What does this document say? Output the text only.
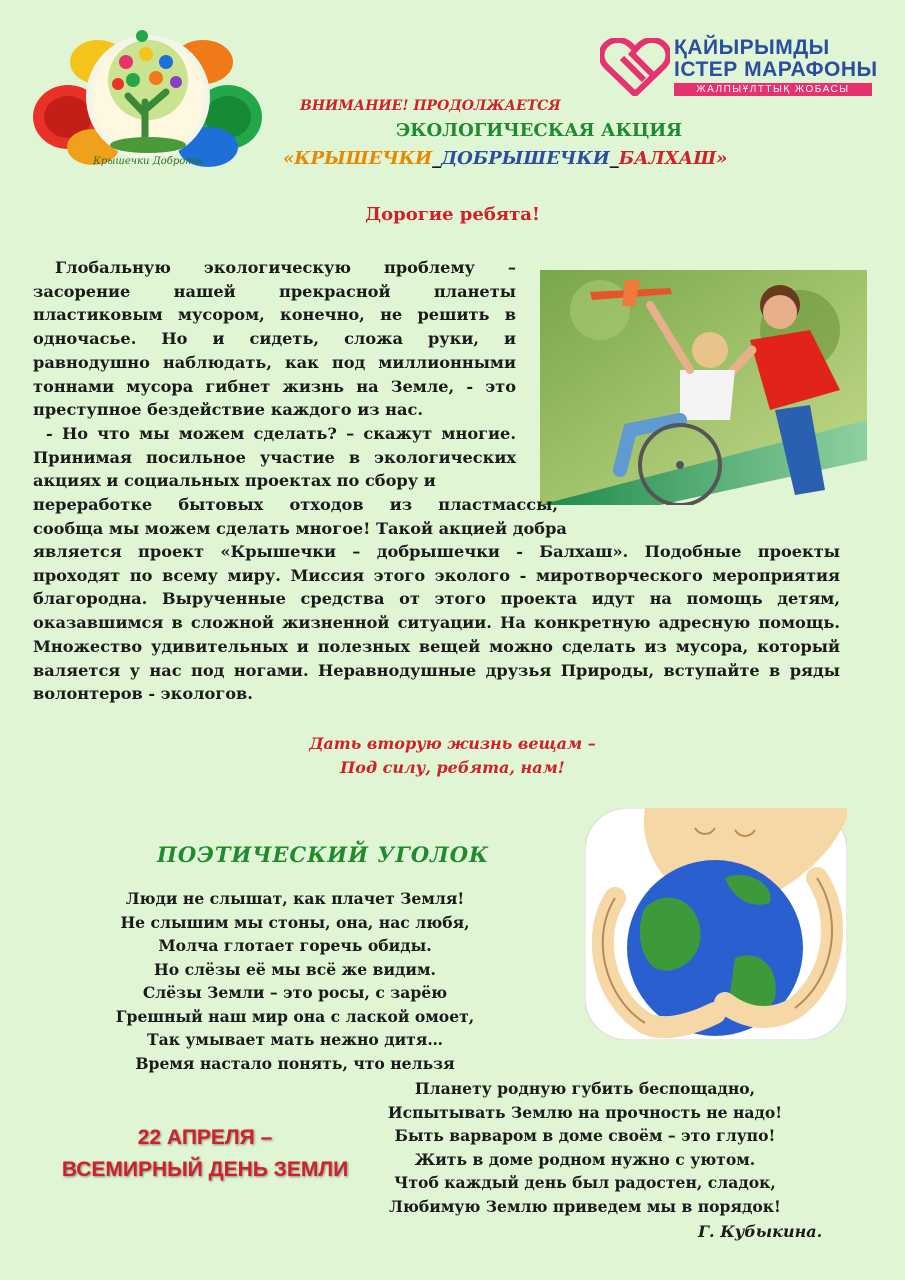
Крышечки Доброты
ҚАЙЫРЫМДЫ
ІСТЕР МАРАФОНЫ
ЖАЛПЫҰЛТТЫҚ ЖОБАСЫ
ВНИМАНИЕ! ПРОДОЛЖАЕТСЯ
ЭКОЛОГИЧЕСКАЯ АКЦИЯ
«КРЫШЕЧКИ_ДОБРЫШЕЧКИ_БАЛХАШ»
Дорогие ребята!
Глобальную экологическую проблему – засорение нашей прекрасной планеты пластиковым мусором, конечно, не решить в одночасье. Но и сидеть, сложа руки, и равнодушно наблюдать, как под миллионными тоннами мусора гибнет жизнь на Земле, - это преступное бездействие каждого из нас.
- Но что мы можем сделать? – скажут многие. Принимая посильное участие в экологических акциях и социальных проектах по сбору и
переработке бытовых отходов из пластмассы,
сообща мы можем сделать многое! Такой акцией добра
является проект «Крышечки – добрышечки - Балхаш». Подобные проекты проходят по всему миру. Миссия этого эколого - миротворческого мероприятия благородна. Вырученные средства от этого проекта идут на помощь детям, оказавшимся в сложной жизненной ситуации. На конкретную адресную помощь. Множество удивительных и полезных вещей можно сделать из мусора, который валяется у нас под ногами. Неравнодушные друзья Природы, вступайте в ряды волонтеров - экологов.
Дать вторую жизнь вещам –
Под силу, ребята, нам!
ПОЭТИЧЕСКИЙ УГОЛОК
Люди не слышат, как плачет Земля!
Не слышим мы стоны, она, нас любя,
Молча глотает горечь обиды.
Но слёзы её мы всё же видим.
Слёзы Земли – это росы, с зарёю
Грешный наш мир она с лаской омоет,
Так умывает мать нежно дитя…
Время настало понять, что нельзя
Планету родную губить беспощадно,
Испытывать Землю на прочность не надо!
Быть варваром в доме своём – это глупо!
Жить в доме родном нужно с уютом.
Чтоб каждый день был радостен, сладок,
Любимую Землю приведем мы в порядок!
22 АПРЕЛЯ –
ВСЕМИРНЫЙ ДЕНЬ ЗЕМЛИ
Г. Кубыкина.
